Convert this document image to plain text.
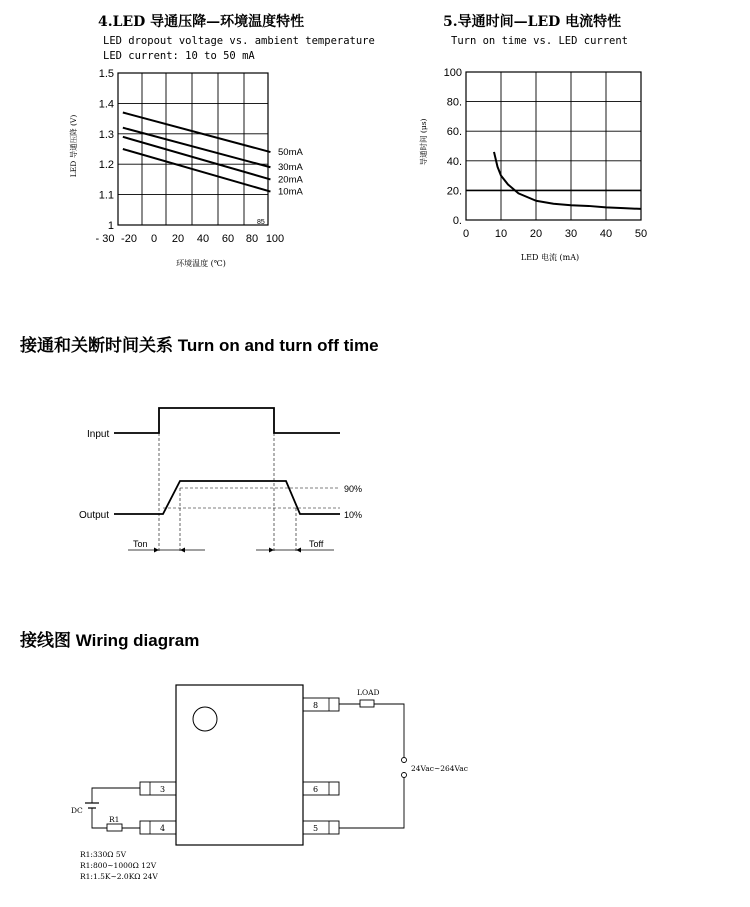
4.LED 导通压降—环境温度特性
LED dropout voltage vs. ambient temperature
LED current: 10 to 50 mA
- 30 -20 0 20 40 60 80 100
1
1.1
1.2
1.3
1.4
1.5
50mA
30mA
20mA
10mA
85
环境温度 (℃)
LED 导通压降 (V)
5.导通时间—LED 电流特性
Turn on time vs. LED current
0 10 20 30 40 50
0.
20.
40.
60.
80.
100
LED 电流 (mA)
导通时间 (μs)
接通和关断时间关系 Turn on and turn off time
Input
Output
90%
10%
Ton	Toff
接线图 Wiring diagram
3
4
8
6
5
LOAD
24Vac~264Vac
DC
R1
R1:330Ω 5V
R1:800~1000Ω 12V
R1:1.5K~2.0KΩ 24V
